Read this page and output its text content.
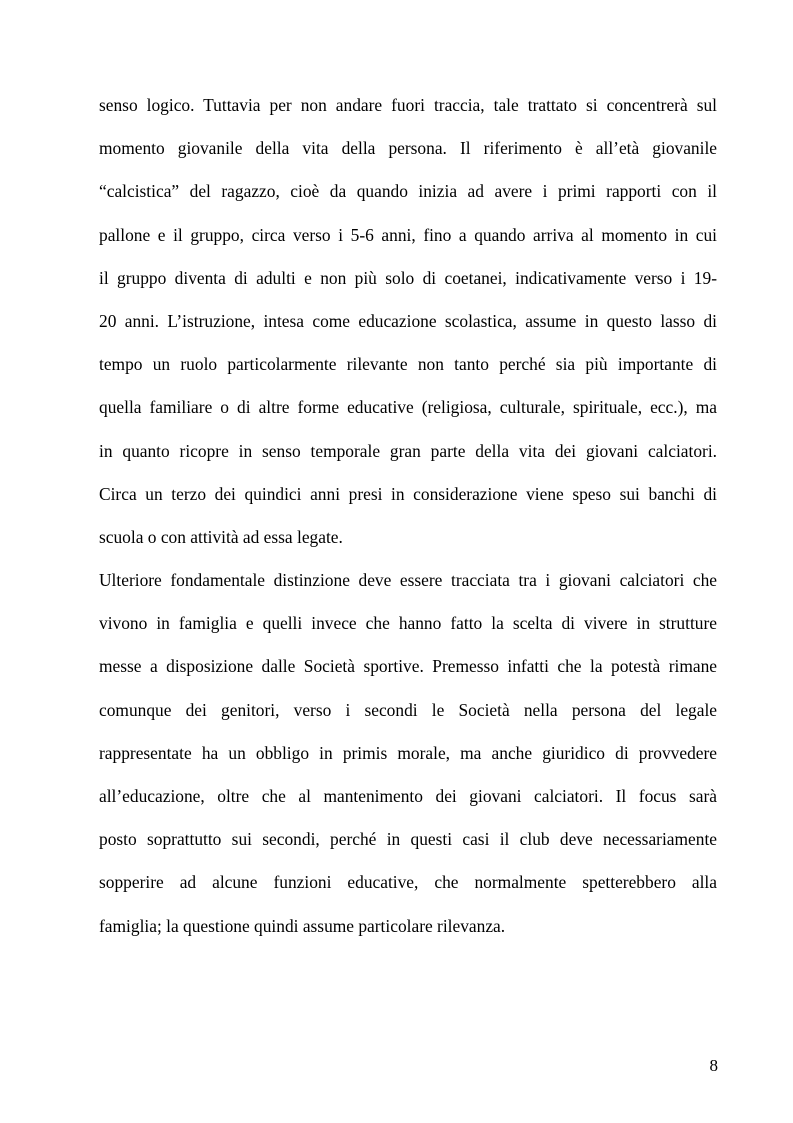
senso logico. Tuttavia per non andare fuori traccia, tale trattato si concentrerà sul
momento giovanile della vita della persona. Il riferimento è all’età giovanile
“calcistica” del ragazzo, cioè da quando inizia ad avere i primi rapporti con il
pallone e il gruppo, circa verso i 5-6 anni, fino a quando arriva al momento in cui
il gruppo diventa di adulti e non più solo di coetanei, indicativamente verso i 19-
20 anni. L’istruzione, intesa come educazione scolastica, assume in questo lasso di
tempo un ruolo particolarmente rilevante non tanto perché sia più importante di
quella familiare o di altre forme educative (religiosa, culturale, spirituale, ecc.), ma
in quanto ricopre in senso temporale gran parte della vita dei giovani calciatori.
Circa un terzo dei quindici anni presi in considerazione viene speso sui banchi di
scuola o con attività ad essa legate.
Ulteriore fondamentale distinzione deve essere tracciata tra i giovani calciatori che
vivono in famiglia e quelli invece che hanno fatto la scelta di vivere in strutture
messe a disposizione dalle Società sportive. Premesso infatti che la potestà rimane
comunque dei genitori, verso i secondi le Società nella persona del legale
rappresentate ha un obbligo in primis morale, ma anche giuridico di provvedere
all’educazione, oltre che al mantenimento dei giovani calciatori. Il focus sarà
posto soprattutto sui secondi, perché in questi casi il club deve necessariamente
sopperire ad alcune funzioni educative, che normalmente spetterebbero alla
famiglia; la questione quindi assume particolare rilevanza.
8
